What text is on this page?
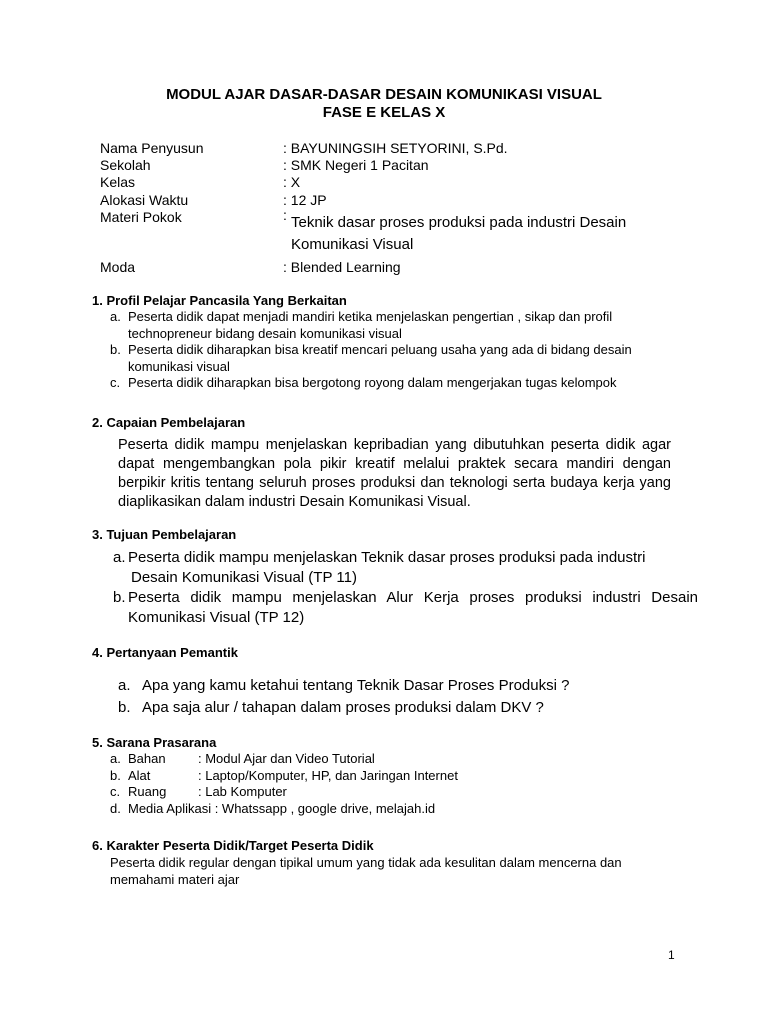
MODUL AJAR DASAR-DASAR DESAIN KOMUNIKASI VISUAL
FASE E KELAS X
Nama Penyusun	: BAYUNINGSIH SETYORINI, S.Pd.
Sekolah	: SMK Negeri 1 Pacitan
Kelas	: X
Alokasi Waktu	: 12 JP
Materi Pokok	: Teknik dasar proses produksi pada industri Desain
Komunikasi Visual
Moda	: Blended Learning
1. Profil Pelajar Pancasila Yang Berkaitan
a. Peserta didik dapat menjadi mandiri ketika menjelaskan pengertian , sikap dan profil
technopreneur bidang desain komunikasi visual
b. Peserta didik diharapkan bisa kreatif mencari peluang usaha yang ada di bidang desain
komunikasi visual
c. Peserta didik diharapkan bisa bergotong royong dalam mengerjakan tugas kelompok
2. Capaian Pembelajaran
Peserta didik mampu menjelaskan kepribadian yang dibutuhkan peserta didik agar dapat mengembangkan pola pikir kreatif melalui praktek secara mandiri dengan berpikir kritis tentang seluruh proses produksi dan teknologi serta budaya kerja yang diaplikasikan dalam industri Desain Komunikasi Visual.
3. Tujuan Pembelajaran
a. Peserta didik mampu menjelaskan Teknik dasar proses produksi pada industri
Desain Komunikasi Visual (TP 11)
b. Peserta didik mampu menjelaskan Alur Kerja proses produksi industri Desain
Komunikasi Visual (TP 12)
4. Pertanyaan Pemantik
a. Apa yang kamu ketahui tentang Teknik Dasar Proses Produksi ?
b. Apa saja alur / tahapan dalam proses produksi dalam DKV ?
5. Sarana Prasarana
a. Bahan : Modul Ajar dan Video Tutorial
b. Alat	: Laptop/Komputer, HP, dan Jaringan Internet
c. Ruang : Lab Komputer
d. Media Aplikasi : Whatssapp , google drive, melajah.id
6. Karakter Peserta Didik/Target Peserta Didik
Peserta didik regular dengan tipikal umum yang tidak ada kesulitan dalam mencerna dan
memahami materi ajar
1
